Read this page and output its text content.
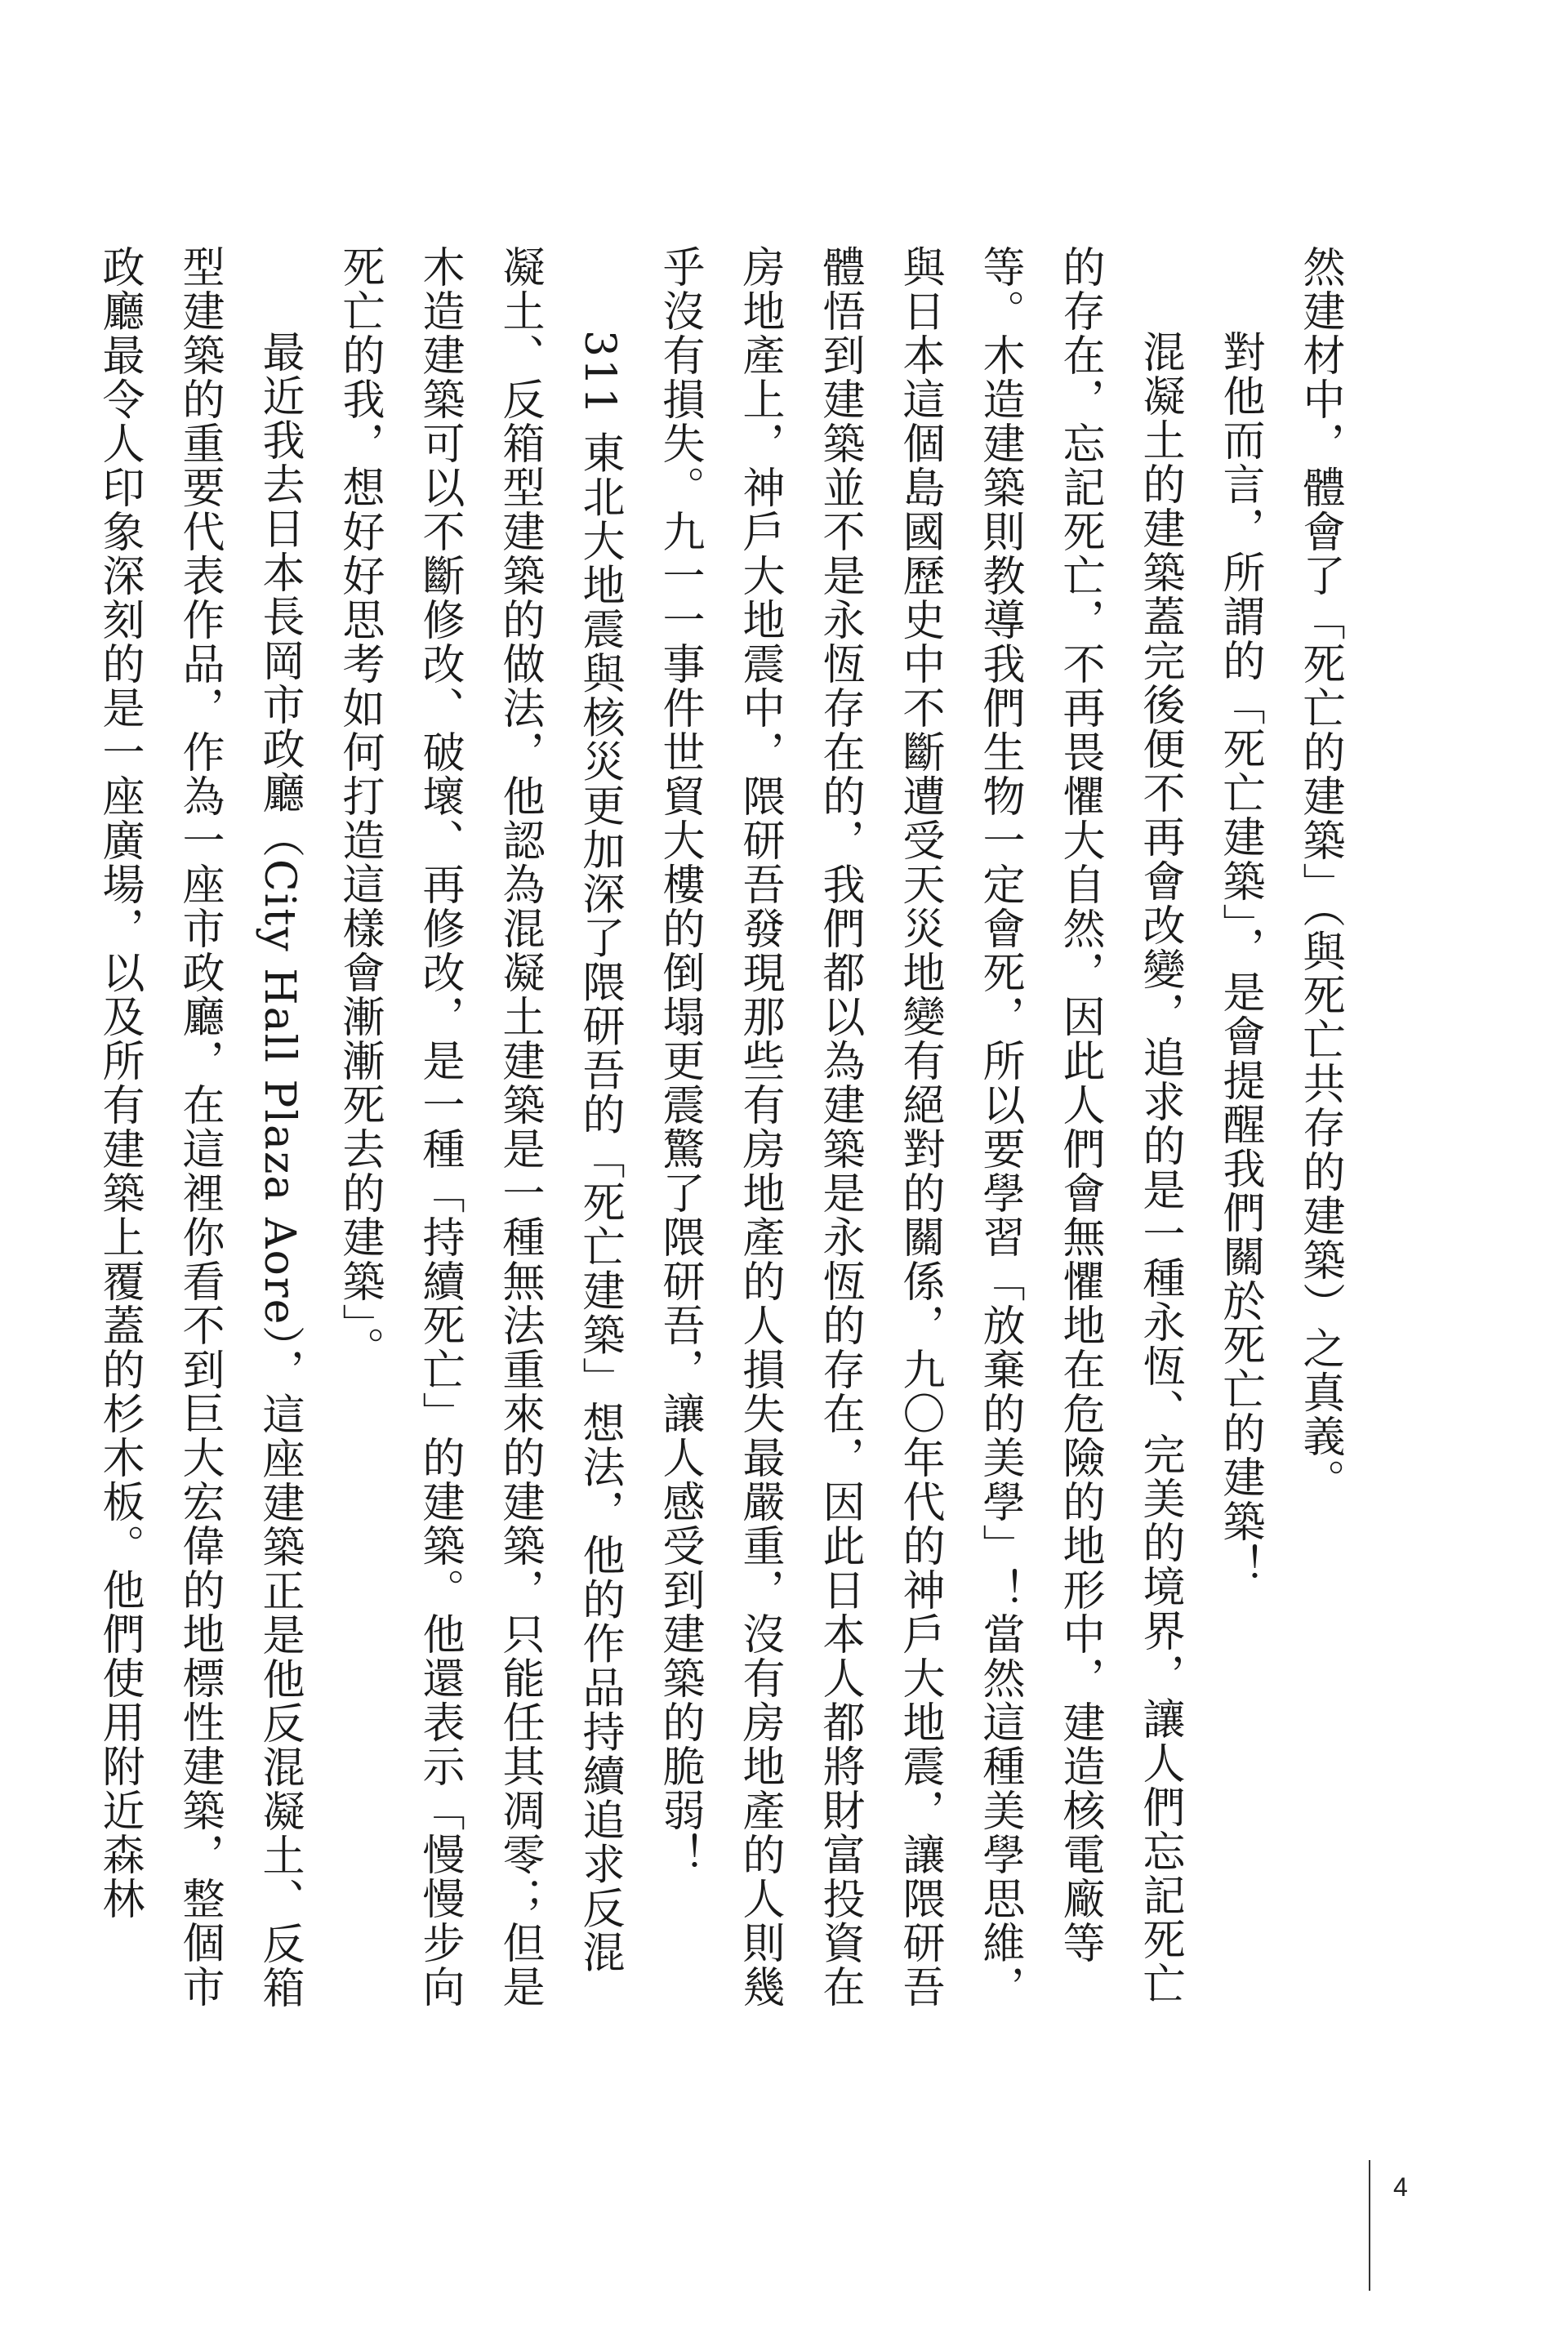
然建材中，體會了「死亡的建築」（與死亡共存的建築）之真義。

對他而言，所謂的「死亡建築」，是會提醒我們關於死亡的建築！

混凝土的建築蓋完後便不再會改變，追求的是一種永恆、完美的境界，讓人們忘記死亡的存在，忘記死亡，不再畏懼大自然，因此人們會無懼地在危險的地形中，建造核電廠等等。木造建築則教導我們生物一定會死，所以要學習「放棄的美學」！當然這種美學思維，與日本這個島國歷史中不斷遭受天災地變有絕對的關係，九〇年代的神戶大地震，讓隈研吾體悟到建築並不是永恆存在的，我們都以為建築是永恆的存在，因此日本人都將財富投資在房地產上，神戶大地震中，隈研吾發現那些有房地產的人損失最嚴重，沒有房地產的人則幾乎沒有損失。九一一事件世貿大樓的倒塌更震驚了隈研吾，讓人感受到建築的脆弱！

311 東北大地震與核災更加深了隈研吾的「死亡建築」想法，他的作品持續追求反混凝土、反箱型建築的做法，他認為混凝土建築是一種無法重來的建築，只能任其凋零；但是木造建築可以不斷修改、破壞、再修改，是一種「持續死亡」的建築。他還表示「慢慢步向死亡的我，想好好思考如何打造這樣會漸漸死去的建築」。

最近我去日本長岡市政廳（City Hall Plaza Aore），這座建築正是他反混凝土、反箱型建築的重要代表作品，作為一座市政廳，在這裡你看不到巨大宏偉的地標性建築，整個市政廳最令人印象深刻的是一座廣場，以及所有建築上覆蓋的杉木板。他們使用附近森林

4
